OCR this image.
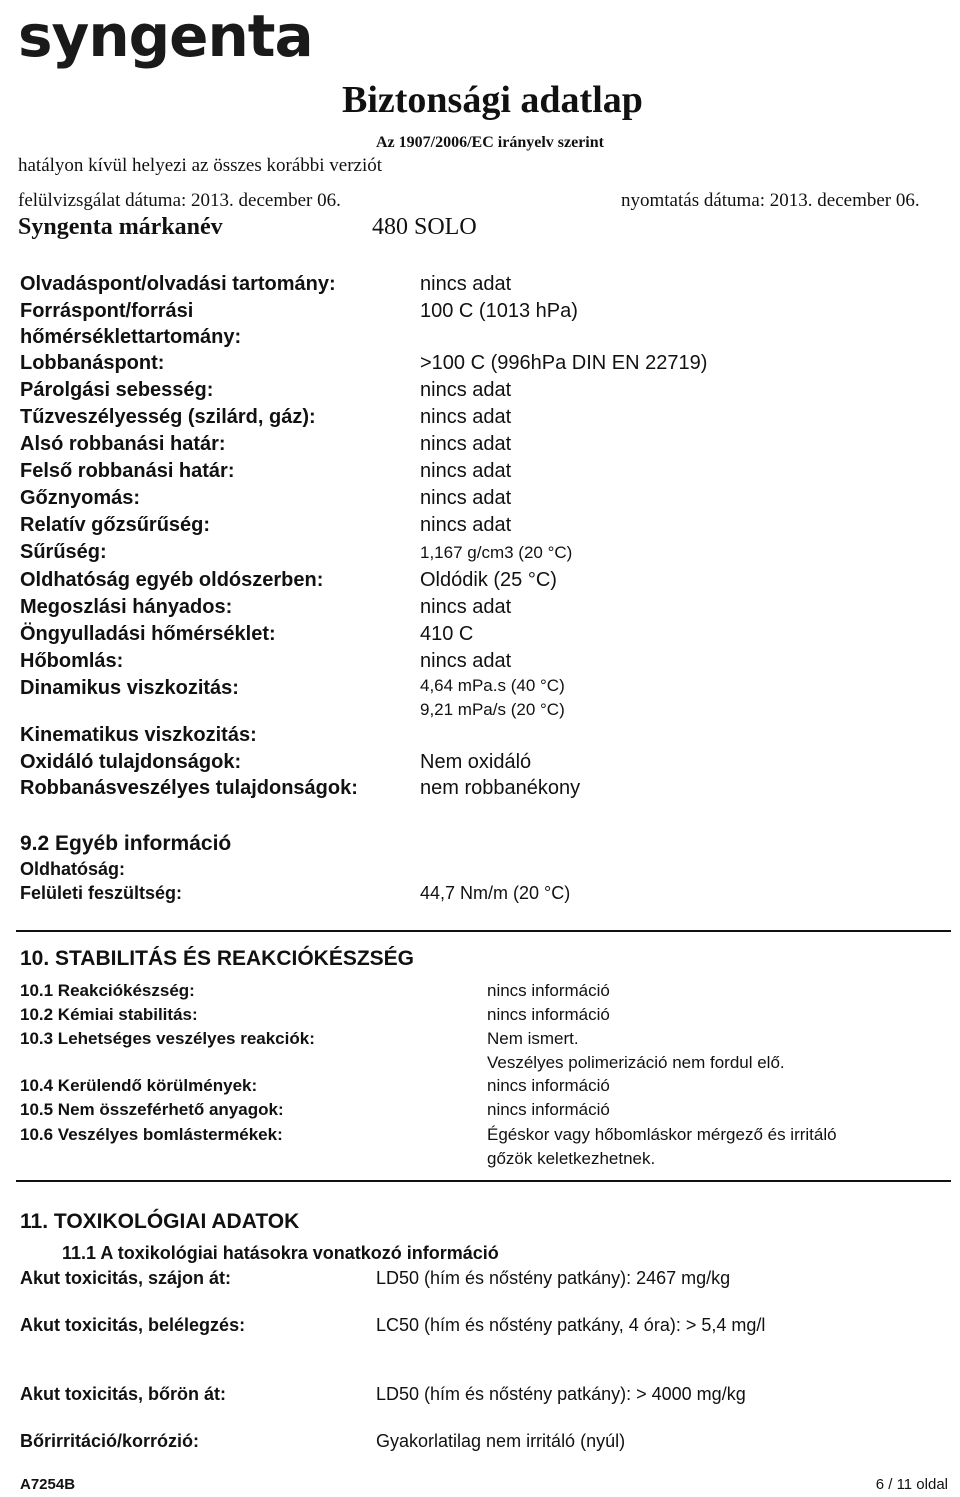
syngenta
Biztonsági adatlap
Az 1907/2006/EC irányelv szerint
hatályon kívül helyezi az összes korábbi verziót
felülvizsgálat dátuma: 2013. december 06.	nyomtatás dátuma: 2013. december 06.
Syngenta márkanév	480 SOLO
Olvadáspont/olvadási tartomány:	nincs adat
Forráspont/forrási	100 C (1013 hPa)
hőmérséklettartomány:
Lobbanáspont:	>100 C (996hPa DIN EN 22719)
Párolgási sebesség:	nincs adat
Tűzveszélyesség (szilárd, gáz):	nincs adat
Alsó robbanási határ:	nincs adat
Felső robbanási határ:	nincs adat
Gőznyomás:	nincs adat
Relatív gőzsűrűség:	nincs adat
Sűrűség:	1,167 g/cm3 (20 °C)
Oldhatóság egyéb oldószerben:	Oldódik (25 °C)
Megoszlási hányados:	nincs adat
Öngyulladási hőmérséklet:	410 C
Hőbomlás:	nincs adat
Dinamikus viszkozitás:	4,64 mPa.s (40 °C)
9,21 mPa/s (20 °C)
Kinematikus viszkozitás:
Oxidáló tulajdonságok:	Nem oxidáló
Robbanásveszélyes tulajdonságok:	nem robbanékony
9.2 Egyéb információ
Oldhatóság:
Felületi feszültség:	44,7 Nm/m (20 °C)
10. STABILITÁS ÉS REAKCIÓKÉSZSÉG
10.1 Reakciókészség:	nincs információ
10.2 Kémiai stabilitás:	nincs információ
10.3 Lehetséges veszélyes reakciók:	Nem ismert.
Veszélyes polimerizáció nem fordul elő.
10.4 Kerülendő körülmények:	nincs információ
10.5 Nem összeférhető anyagok:	nincs információ
10.6 Veszélyes bomlástermékek:	Égéskor vagy hőbomláskor mérgező és irritáló
gőzök keletkezhetnek.
11. TOXIKOLÓGIAI ADATOK
11.1 A toxikológiai hatásokra vonatkozó információ
Akut toxicitás, szájon át:	LD50 (hím és nőstény patkány): 2467 mg/kg
Akut toxicitás, belélegzés:	LC50 (hím és nőstény patkány, 4 óra): > 5,4 mg/l
Akut toxicitás, bőrön át:	LD50 (hím és nőstény patkány): > 4000 mg/kg
Bőrirritáció/korrózió:	Gyakorlatilag nem irritáló (nyúl)
A7254B	6 / 11 oldal
